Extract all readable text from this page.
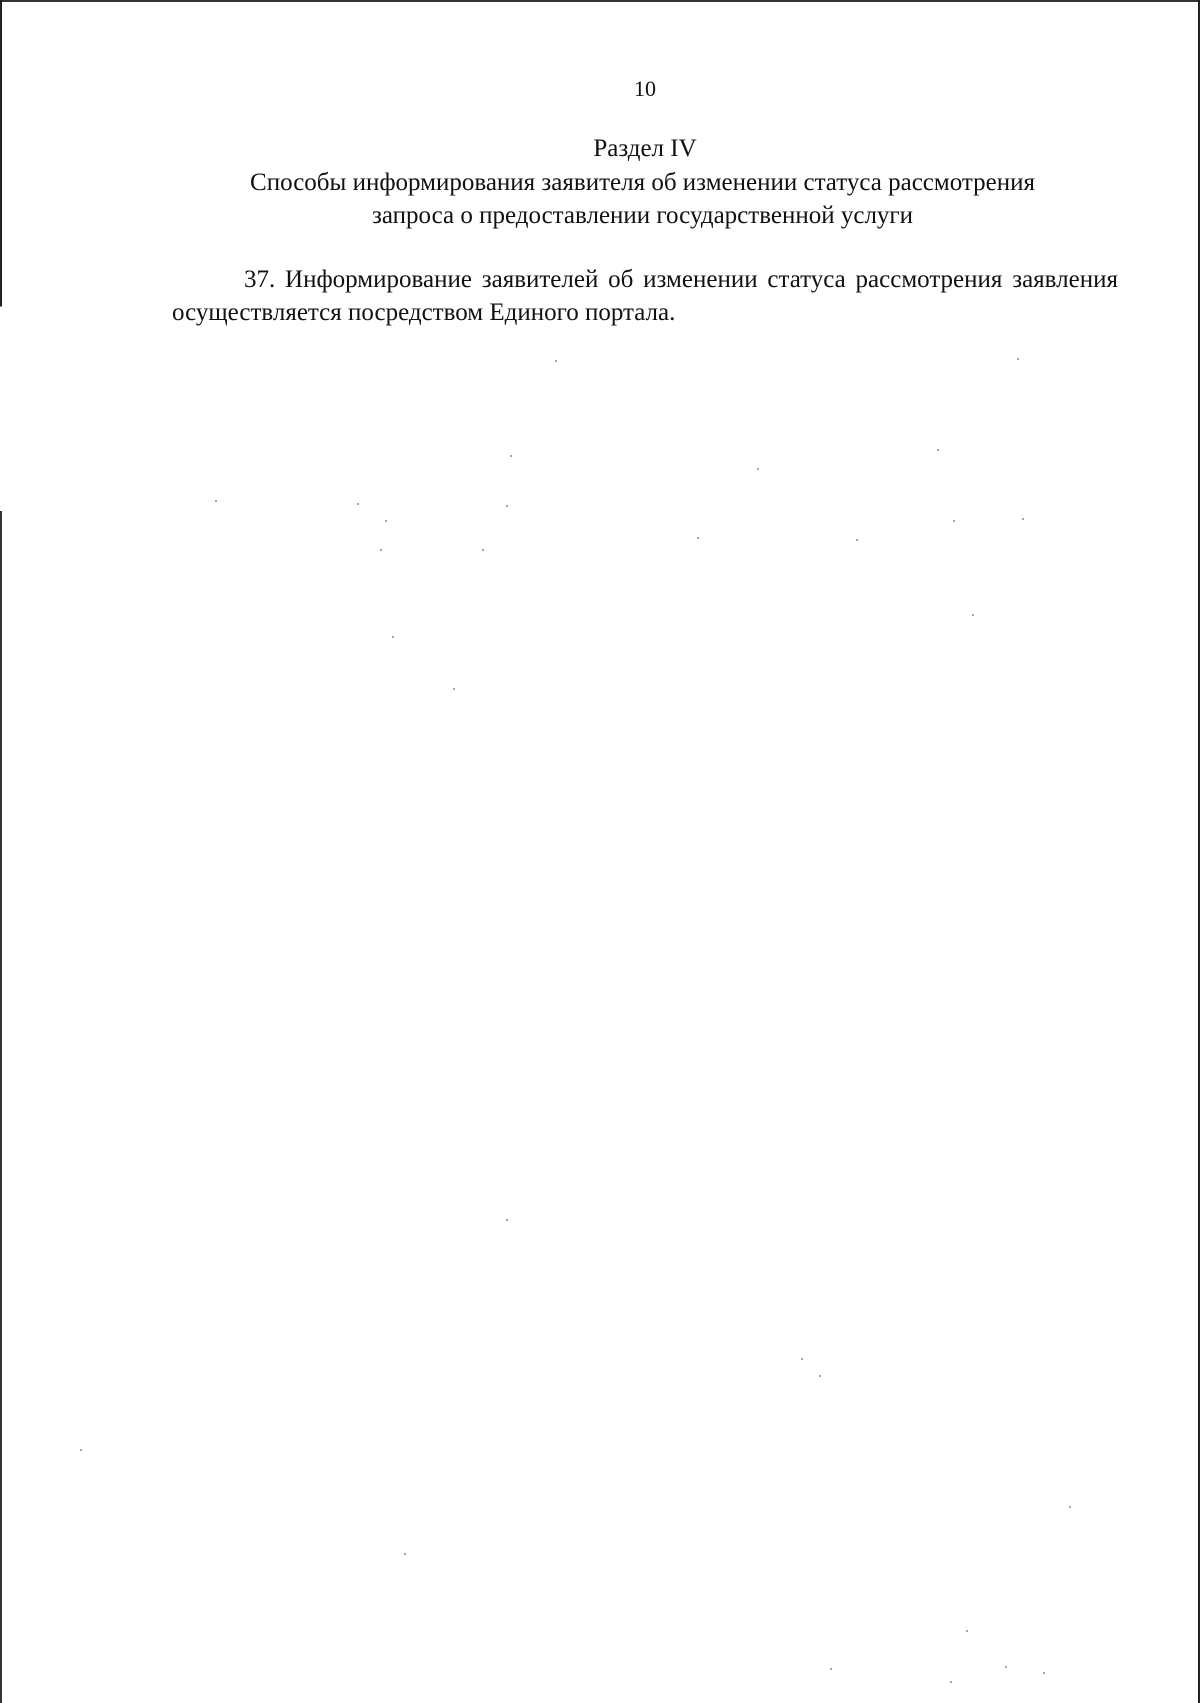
10
Раздел IV
Способы информирования заявителя об изменении статуса рассмотрения
запроса о предоставлении государственной услуги

37. Информирование заявителей об изменении статуса рассмотрения заявления осуществляется посредством Единого портала.
